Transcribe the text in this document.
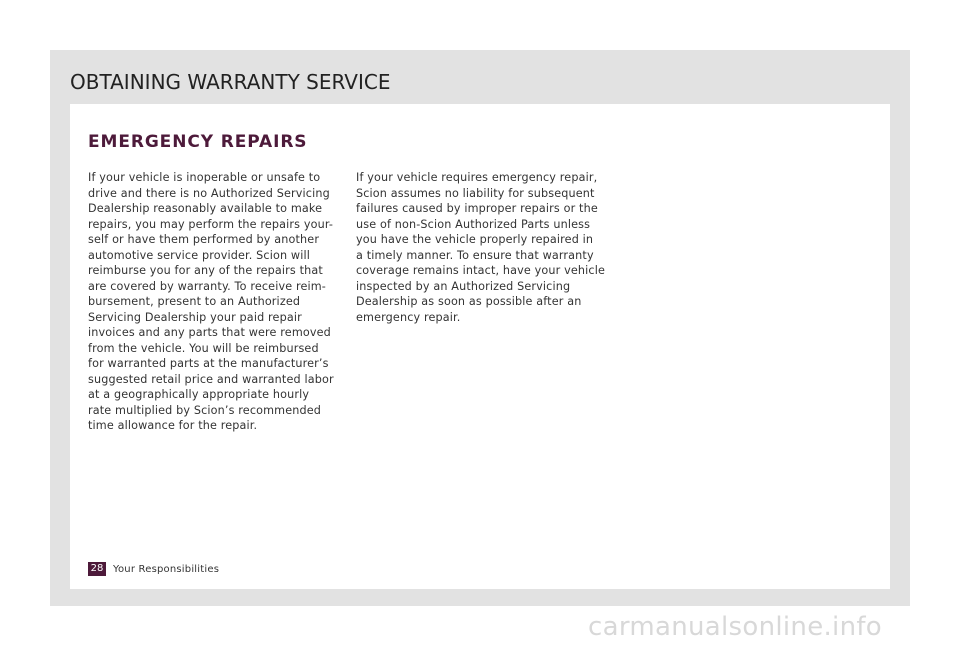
OBTAINING WARRANTY SERVICE
EMERGENCY REPAIRS
If your vehicle is inoperable or unsafe to
drive and there is no Authorized Servicing
Dealership reasonably available to make
repairs, you may perform the repairs your-
self or have them performed by another
automotive service provider. Scion will
reimburse you for any of the repairs that
are covered by warranty. To receive reim-
bursement, present to an Authorized
Servicing Dealership your paid repair
invoices and any parts that were removed
from the vehicle. You will be reimbursed
for warranted parts at the manufacturer’s
suggested retail price and warranted labor
at a geographically appropriate hourly
rate multiplied by Scion’s recommended
time allowance for the repair.
If your vehicle requires emergency repair,
Scion assumes no liability for subsequent
failures caused by improper repairs or the
use of non-Scion Authorized Parts unless
you have the vehicle properly repaired in
a timely manner. To ensure that warranty
coverage remains intact, have your vehicle
inspected by an Authorized Servicing
Dealership as soon as possible after an
emergency repair.
28 Your Responsibilities
carmanualsonline.info
